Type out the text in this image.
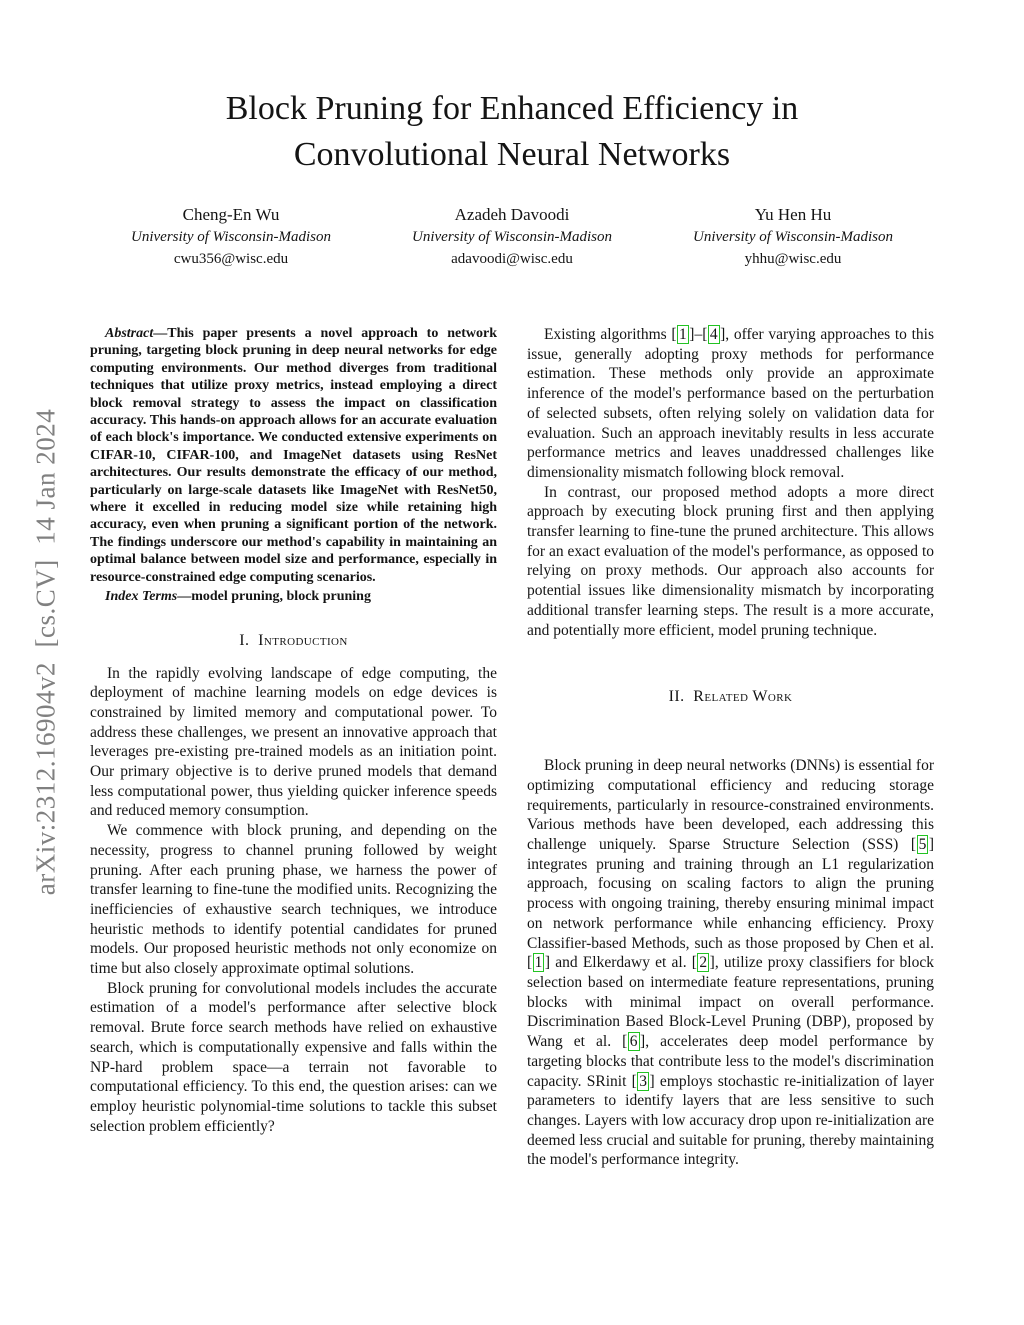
arXiv:2312.16904v2  [cs.CV]  14 Jan 2024
Block Pruning for Enhanced Efficiency in
Convolutional Neural Networks
Cheng-En Wu
University of Wisconsin-Madison
cwu356@wisc.edu
Azadeh Davoodi
University of Wisconsin-Madison
adavoodi@wisc.edu
Yu Hen Hu
University of Wisconsin-Madison
yhhu@wisc.edu

Abstract—This paper presents a novel approach to network pruning, targeting block pruning in deep neural networks for edge computing environments. Our method diverges from traditional techniques that utilize proxy metrics, instead employing a direct block removal strategy to assess the impact on classification accuracy. This hands-on approach allows for an accurate evaluation of each block's importance. We conducted extensive experiments on CIFAR-10, CIFAR-100, and ImageNet datasets using ResNet architectures. Our results demonstrate the efficacy of our method, particularly on large-scale datasets like ImageNet with ResNet50, where it excelled in reducing model size while retaining high accuracy, even when pruning a significant portion of the network. The findings underscore our method's capability in maintaining an optimal balance between model size and performance, especially in resource-constrained edge computing scenarios.

Index Terms—model pruning, block pruning

I.  Introduction

In the rapidly evolving landscape of edge computing, the deployment of machine learning models on edge devices is constrained by limited memory and computational power. To address these challenges, we present an innovative approach that leverages pre-existing pre-trained models as an initiation point. Our primary objective is to derive pruned models that demand less computational power, thus yielding quicker inference speeds and reduced memory consumption.

We commence with block pruning, and depending on the necessity, progress to channel pruning followed by weight pruning. After each pruning phase, we harness the power of transfer learning to fine-tune the modified units. Recognizing the inefficiencies of exhaustive search techniques, we introduce heuristic methods to identify potential candidates for pruned models. Our proposed heuristic methods not only economize on time but also closely approximate optimal solutions.

Block pruning for convolutional models includes the accurate estimation of a model's performance after selective block removal. Brute force search methods have relied on exhaustive search, which is computationally expensive and falls within the NP-hard problem space—a terrain not favorable to computational efficiency. To this end, the question arises: can we employ heuristic polynomial-time solutions to tackle this subset selection problem efficiently?

Existing algorithms [ 1 ]–[ 4 ], offer varying approaches to this issue, generally adopting proxy methods for performance estimation. These methods only provide an approximate inference of the model's performance based on the perturbation of selected subsets, often relying solely on validation data for evaluation. Such an approach inevitably results in less accurate performance metrics and leaves unaddressed challenges like dimensionality mismatch following block removal.

In contrast, our proposed method adopts a more direct approach by executing block pruning first and then applying transfer learning to fine-tune the pruned architecture. This allows for an exact evaluation of the model's performance, as opposed to relying on proxy methods. Our approach also accounts for potential issues like dimensionality mismatch by incorporating additional transfer learning steps. The result is a more accurate, and potentially more efficient, model pruning technique.

II.  Related Work

Block pruning in deep neural networks (DNNs) is essential for optimizing computational efficiency and reducing storage requirements, particularly in resource-constrained environments. Various methods have been developed, each addressing this challenge uniquely. Sparse Structure Selection (SSS) [ 5 ] integrates pruning and training through an L1 regularization approach, focusing on scaling factors to align the pruning process with ongoing training, thereby ensuring minimal impact on network performance while enhancing efficiency. Proxy Classifier-based Methods, such as those proposed by Chen et al. [ 1 ] and Elkerdawy et al. [ 2 ], utilize proxy classifiers for block selection based on intermediate feature representations, pruning blocks with minimal impact on overall performance. Discrimination Based Block-Level Pruning (DBP), proposed by Wang et al. [ 6 ], accelerates deep model performance by targeting blocks that contribute less to the model's discrimination capacity. SRinit [ 3 ] employs stochastic re-initialization of layer parameters to identify layers that are less sensitive to such changes. Layers with low accuracy drop upon re-initialization are deemed less crucial and suitable for pruning, thereby maintaining the model's performance integrity.
